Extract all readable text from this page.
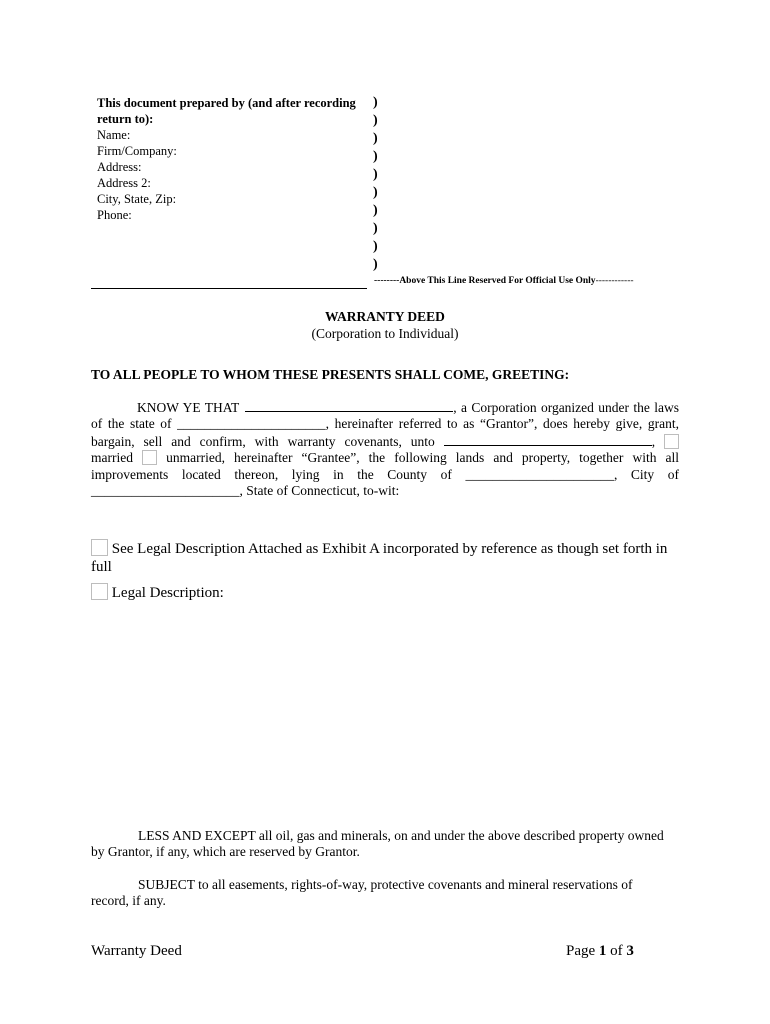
This document prepared by (and after recording return to):
Name:
Firm/Company:
Address:
Address 2:
City, State, Zip:
Phone:
)
)
)
)
)
)
)
)
)
)
--------Above This Line Reserved For Official Use Only------------
WARRANTY DEED
(Corporation to Individual)
TO ALL PEOPLE TO WHOM THESE PRESENTS SHALL COME, GREETING:
KNOW YE THAT	, a Corporation organized under the laws
of the state of ______________________, hereinafter referred to as “Grantor”, does hereby give, grant,
bargain, sell and confirm, with warranty covenants, unto	,
married unmarried, hereinafter “Grantee”, the following lands and property, together with all
improvements located thereon, lying in the County of ______________________, City of
______________________, State of Connecticut, to-wit:
See Legal Description Attached as Exhibit A incorporated by reference as though set forth in
full
Legal Description:
LESS AND EXCEPT all oil, gas and minerals, on and under the above described property owned
by Grantor, if any, which are reserved by Grantor.
SUBJECT to all easements, rights-of-way, protective covenants and mineral reservations of
record, if any.
Warranty Deed	Page 1 of 3
